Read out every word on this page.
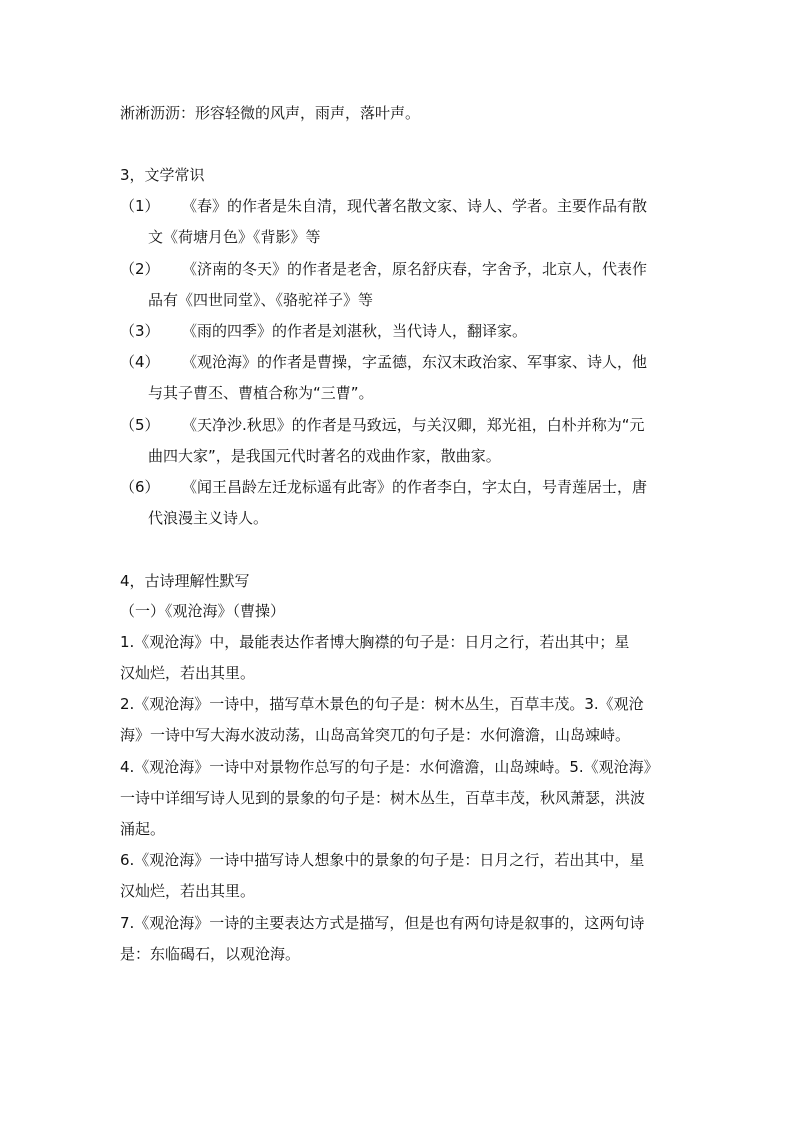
淅淅沥沥：形容轻微的风声，雨声，落叶声。
3，文学常识
（1） 《春》的作者是朱自清，现代著名散文家、诗人、学者。主要作品有散
文《荷塘月色》《背影》等
（2） 《济南的冬天》的作者是老舍，原名舒庆春，字舍予，北京人，代表作
品有《四世同堂》、《骆驼祥子》等
（3） 《雨的四季》的作者是刘湛秋，当代诗人，翻译家。
（4） 《观沧海》的作者是曹操，字孟德，东汉末政治家、军事家、诗人，他
与其子曹丕、曹植合称为“三曹”。
（5） 《天净沙.秋思》的作者是马致远，与关汉卿，郑光祖，白朴并称为“元
曲四大家”，是我国元代时著名的戏曲作家，散曲家。
（6） 《闻王昌龄左迁龙标遥有此寄》的作者李白，字太白，号青莲居士，唐
代浪漫主义诗人。
4，古诗理解性默写
（一）《观沧海》（曹操）
1.《观沧海》中，最能表达作者博大胸襟的句子是：日月之行，若出其中；星
汉灿烂，若出其里。
2.《观沧海》一诗中，描写草木景色的句子是：树木丛生，百草丰茂。3.《观沧
海》一诗中写大海水波动荡，山岛高耸突兀的句子是：水何澹澹，山岛竦峙。
4.《观沧海》一诗中对景物作总写的句子是：水何澹澹，山岛竦峙。5.《观沧海》
一诗中详细写诗人见到的景象的句子是：树木丛生，百草丰茂，秋风萧瑟，洪波
涌起。
6.《观沧海》一诗中描写诗人想象中的景象的句子是：日月之行，若出其中，星
汉灿烂，若出其里。
7.《观沧海》一诗的主要表达方式是描写，但是也有两句诗是叙事的，这两句诗
是：东临碣石，以观沧海。
